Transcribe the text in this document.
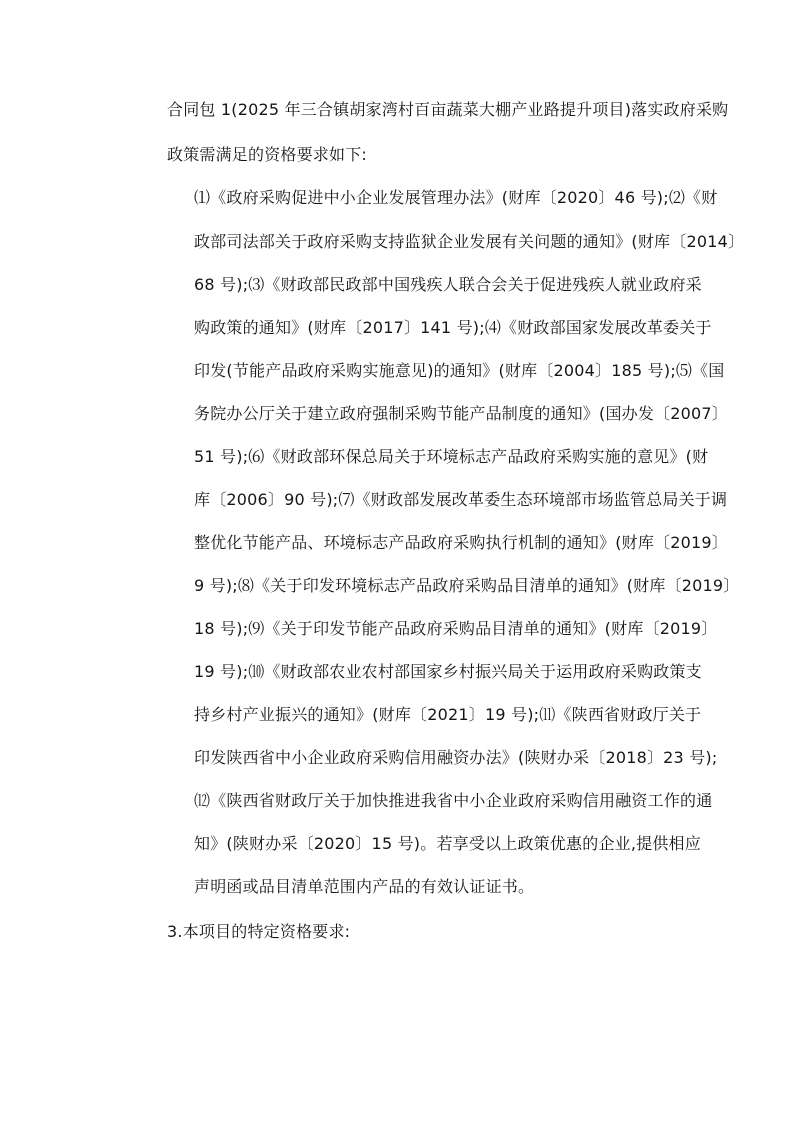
合同包 1(2025 年三合镇胡家湾村百亩蔬菜大棚产业路提升项目)落实政府采购
政策需满足的资格要求如下:
⑴《政府采购促进中小企业发展管理办法》(财库〔2020〕46 号);⑵《财
政部司法部关于政府采购支持监狱企业发展有关问题的通知》(财库〔2014〕
68 号);⑶《财政部民政部中国残疾人联合会关于促进残疾人就业政府采
购政策的通知》(财库〔2017〕141 号);⑷《财政部国家发展改革委关于
印发(节能产品政府采购实施意见)的通知》(财库〔2004〕185 号);⑸《国
务院办公厅关于建立政府强制采购节能产品制度的通知》(国办发〔2007〕
51 号);⑹《财政部环保总局关于环境标志产品政府采购实施的意见》(财
库〔2006〕90 号);⑺《财政部发展改革委生态环境部市场监管总局关于调
整优化节能产品、环境标志产品政府采购执行机制的通知》(财库〔2019〕
9 号);⑻《关于印发环境标志产品政府采购品目清单的通知》(财库〔2019〕
18 号);⑼《关于印发节能产品政府采购品目清单的通知》(财库〔2019〕
19 号);⑽《财政部农业农村部国家乡村振兴局关于运用政府采购政策支
持乡村产业振兴的通知》(财库〔2021〕19 号);⑾《陕西省财政厅关于
印发陕西省中小企业政府采购信用融资办法》(陕财办采〔2018〕23 号);
⑿《陕西省财政厅关于加快推进我省中小企业政府采购信用融资工作的通
知》(陕财办采〔2020〕15 号)。若享受以上政策优惠的企业,提供相应
声明函或品目清单范围内产品的有效认证证书。
3.本项目的特定资格要求:
